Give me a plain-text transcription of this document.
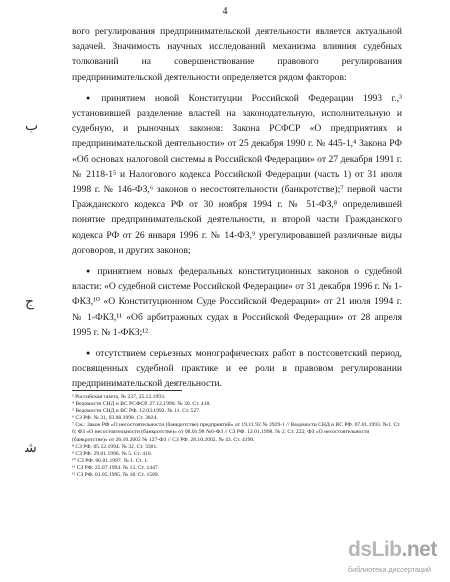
4
ب
ج
ﺷ

вого регулирования предпринимательской деятельности является актуальной задачей. Значимость научных исследований механизма влияния судебных толкований на совершенствование правового регулирования предпринимательской деятельности определяется рядом факторов:

● принятием новой Конституции Российской Федерации 1993 г.,³ установившей разделение властей на законодательную, исполнительную и судебную, и рыночных законов: Закона РСФСР «О предприятиях и предпринимательской деятельности» от 25 декабря 1990 г. № 445-1,⁴ Закона РФ «Об основах налоговой системы в Российской Федерации» от 27 декабря 1991 г. № 2118-1⁵ и Налогового кодекса Российской Федерации (часть 1) от 31 июля 1998 г. № 146-ФЗ,⁶ законов о несостоятельности (банкротстве);⁷ первой части Гражданского кодекса РФ от 30 ноября 1994 г. № 51-ФЗ,⁸ определившей понятие предпринимательской деятельности, и второй части Гражданского кодекса РФ от 26 января 1996 г. № 14-ФЗ,⁹ урегулировавшей различные виды договоров, и других законов;

● принятием новых федеральных конституционных законов о судебной власти: «О судебной системе Российской Федерации» от 31 декабря 1996 г. № 1-ФКЗ,¹⁰ «О Конституционном Суде Российской Федерации» от 21 июля 1994 г. № 1-ФКЗ,¹¹ «Об арбитражных судах в Российской Федерации» от 28 апреля 1995 г. № 1-ФКЗ;¹²

● отсутствием серьезных монографических работ в постсоветский период, посвященных судебной практике и ее роли в правовом регулировании предпринимательской деятельности.

³ Российская газета, № 237, 25.12.1993.

⁴ Ведомости СНД и ВС РСФСР. 27.12.1990. № 30. Ст. 418.

⁵ Ведомости СНД и ВС РФ. 12.03.1992. № 11. Ст. 527.

⁶ СЗ РФ. № 31, 03.08.1998. Ст. 3824.

⁷ См.: Закон РФ «О несостоятельности (банкротстве) предприятий» от 19.11.92 № 3929-1 // Ведомости СНД и ВС РФ. 07.01.1993. №1. Ст. 6; ФЗ «О несостоятельности (банкротстве)» от 08.01.98 №6-ФЗ // СЗ РФ. 12.01.1998. № 2. Ст. 222; ФЗ «О несостоятельности (банкротстве)» от 26.10.2002 № 127-ФЗ // СЗ РФ. 28.10.2002. № 43. Ст. 4190.

⁸ СЗ РФ. 05.12.1994. № 32. Ст. 3301.

⁹ СЗ РФ. 29.01.1996. № 5. Ст. 410.

¹⁰ СЗ РФ. 06.01.1997. № 1. Ст. 1.

¹¹ СЗ РФ. 25.07.1994. № 13. Ст. 1447.

¹² СЗ РФ. 01.05.1995. № 18. Ст. 1589.

dsLib.net
библиотека диссертаций
